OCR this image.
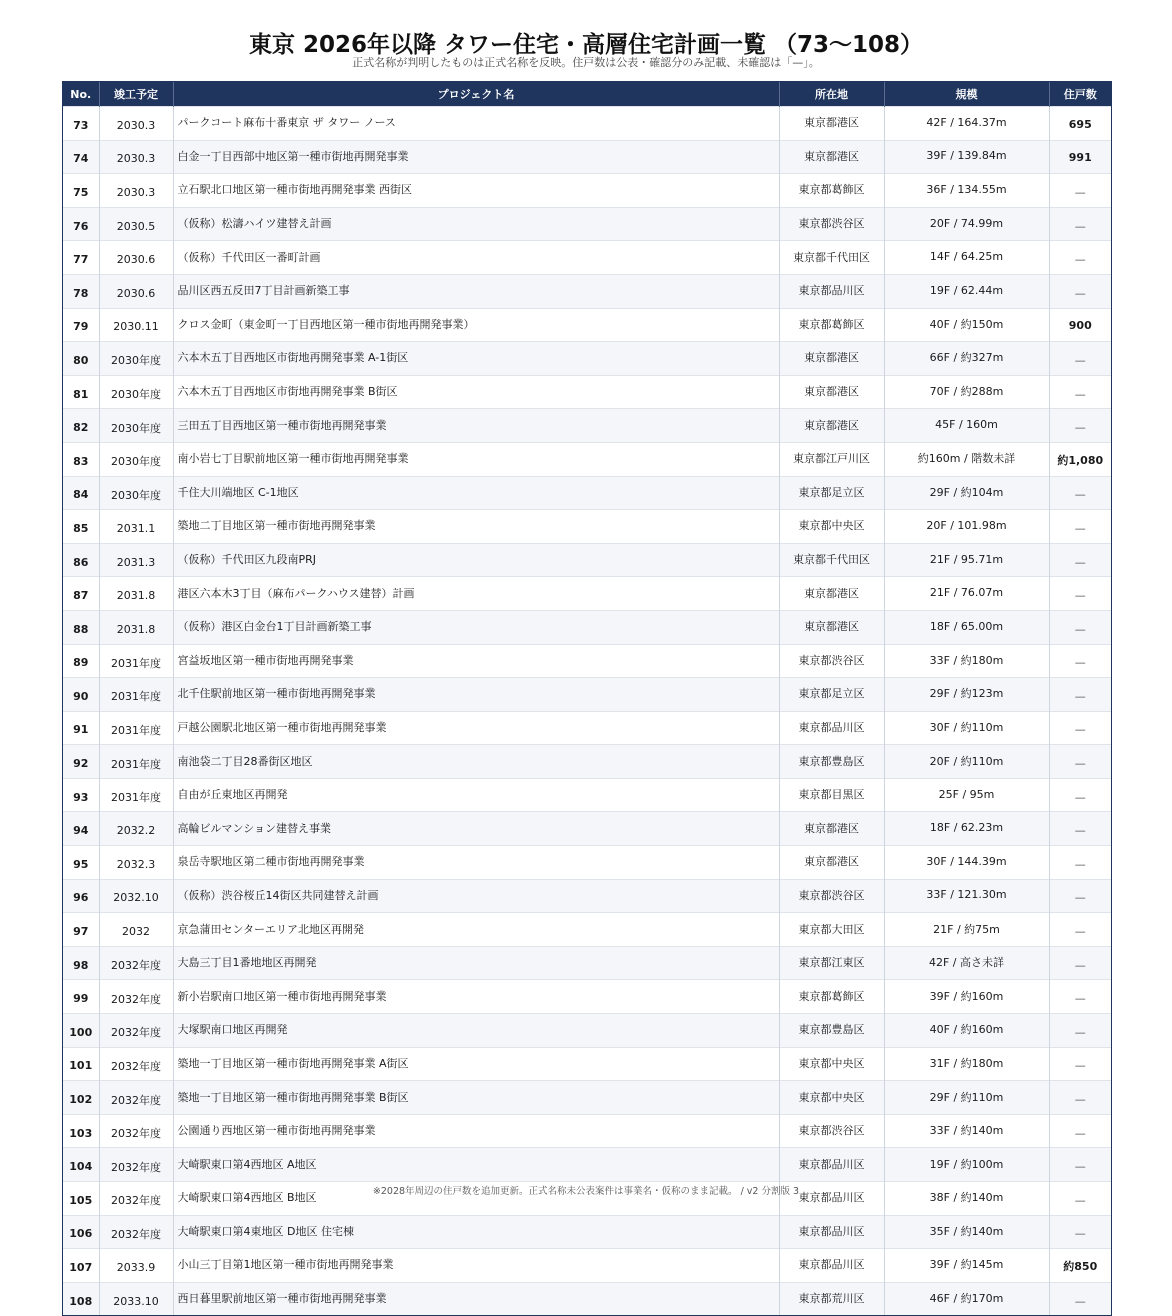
東京 2026年以降 タワー住宅・高層住宅計画一覧 （73〜108）
正式名称が判明したものは正式名称を反映。住戸数は公表・確認分のみ記載、未確認は「—」。
No.	竣工予定	プロジェクト名	所在地	規模	住戸数
73	2030.3	パークコート麻布十番東京 ザ タワー ノース	東京都港区	42F / 164.37m	695
74	2030.3	白金一丁目西部中地区第一種市街地再開発事業	東京都港区	39F / 139.84m	991
75	2030.3	立石駅北口地区第一種市街地再開発事業 西街区	東京都葛飾区	36F / 134.55m	—
76	2030.5	（仮称）松濤ハイツ建替え計画	東京都渋谷区	20F / 74.99m	—
77	2030.6	（仮称）千代田区一番町計画	東京都千代田区	14F / 64.25m	—
78	2030.6	品川区西五反田7丁目計画新築工事	東京都品川区	19F / 62.44m	—
79	2030.11	クロス金町（東金町一丁目西地区第一種市街地再開発事業）	東京都葛飾区	40F / 約150m	900
80	2030年度	六本木五丁目西地区市街地再開発事業 A-1街区	東京都港区	66F / 約327m	—
81	2030年度	六本木五丁目西地区市街地再開発事業 B街区	東京都港区	70F / 約288m	—
82	2030年度	三田五丁目西地区第一種市街地再開発事業	東京都港区	45F / 160m	—
83	2030年度	南小岩七丁目駅前地区第一種市街地再開発事業	東京都江戸川区	約160m / 階数未詳	約1,080
84	2030年度	千住大川端地区 C-1地区	東京都足立区	29F / 約104m	—
85	2031.1	築地二丁目地区第一種市街地再開発事業	東京都中央区	20F / 101.98m	—
86	2031.3	（仮称）千代田区九段南PRJ	東京都千代田区	21F / 95.71m	—
87	2031.8	港区六本木3丁目（麻布パークハウス建替）計画	東京都港区	21F / 76.07m	—
88	2031.8	（仮称）港区白金台1丁目計画新築工事	東京都港区	18F / 65.00m	—
89	2031年度	宮益坂地区第一種市街地再開発事業	東京都渋谷区	33F / 約180m	—
90	2031年度	北千住駅前地区第一種市街地再開発事業	東京都足立区	29F / 約123m	—
91	2031年度	戸越公園駅北地区第一種市街地再開発事業	東京都品川区	30F / 約110m	—
92	2031年度	南池袋二丁目28番街区地区	東京都豊島区	20F / 約110m	—
93	2031年度	自由が丘東地区再開発	東京都目黒区	25F / 95m	—
94	2032.2	高輪ビルマンション建替え事業	東京都港区	18F / 62.23m	—
95	2032.3	泉岳寺駅地区第二種市街地再開発事業	東京都港区	30F / 144.39m	—
96	2032.10	（仮称）渋谷桜丘14街区共同建替え計画	東京都渋谷区	33F / 121.30m	—
97	2032	京急蒲田センターエリア北地区再開発	東京都大田区	21F / 約75m	—
98	2032年度	大島三丁目1番地地区再開発	東京都江東区	42F / 高さ未詳	—
99	2032年度	新小岩駅南口地区第一種市街地再開発事業	東京都葛飾区	39F / 約160m	—
100	2032年度	大塚駅南口地区再開発	東京都豊島区	40F / 約160m	—
101	2032年度	築地一丁目地区第一種市街地再開発事業 A街区	東京都中央区	31F / 約180m	—
102	2032年度	築地一丁目地区第一種市街地再開発事業 B街区	東京都中央区	29F / 約110m	—
103	2032年度	公園通り西地区第一種市街地再開発事業	東京都渋谷区	33F / 約140m	—
104	2032年度	大崎駅東口第4西地区 A地区	東京都品川区	19F / 約100m	—
105	2032年度	大崎駅東口第4西地区 B地区	東京都品川区	38F / 約140m	—
106	2032年度	大崎駅東口第4東地区 D地区 住宅棟	東京都品川区	35F / 約140m	—
107	2033.9	小山三丁目第1地区第一種市街地再開発事業	東京都品川区	39F / 約145m	約850
108	2033.10	西日暮里駅前地区第一種市街地再開発事業	東京都荒川区	46F / 約170m	—
※2028年周辺の住戸数を追加更新。正式名称未公表案件は事業名・仮称のまま記載。 / v2 分割版 3
